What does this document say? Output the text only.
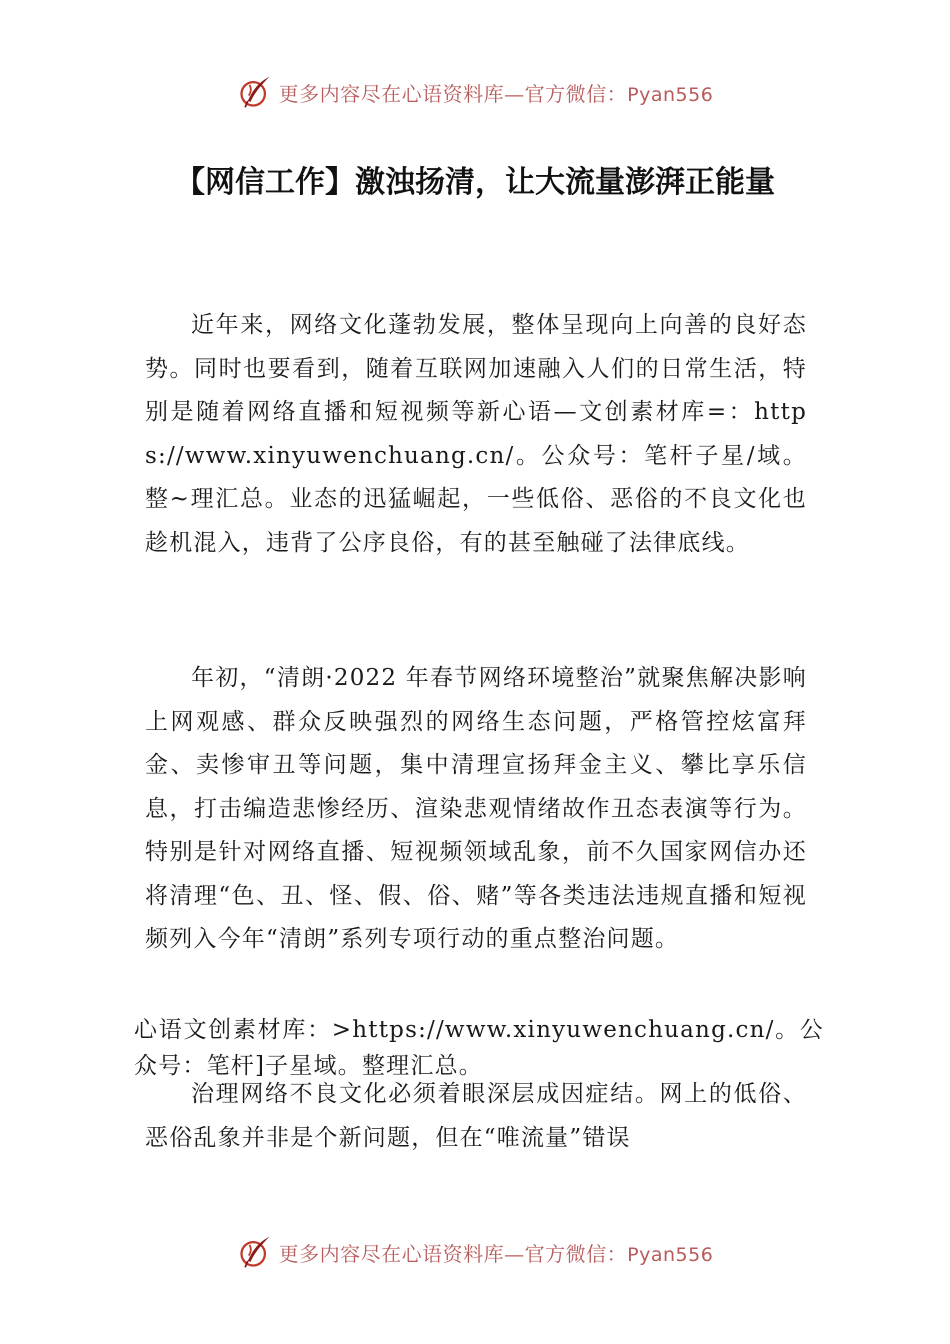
更多内容尽在心语资料库—官方微信：Pyan556
【网信工作】激浊扬清，让大流量澎湃正能量

近年来，网络文化蓬勃发展，整体呈现向上向善的良好态势。同时也要看到，随着互联网加速融入人们的日常生活，特别是随着网络直播和短视频等新心语—文创素材库=：https://www.xinyuwenchuang.cn/。公众号：笔杆子星/域。整~理汇总。业态的迅猛崛起，一些低俗、恶俗的不良文化也趁机混入，违背了公序良俗，有的甚至触碰了法律底线。

年初，“清朗·2022 年春节网络环境整治”就聚焦解决影响上网观感、群众反映强烈的网络生态问题，严格管控炫富拜金、卖惨审丑等问题，集中清理宣扬拜金主义、攀比享乐信息，打击编造悲惨经历、渲染悲观情绪故作丑态表演等行为。特别是针对网络直播、短视频领域乱象，前不久国家网信办还将清理“色、丑、怪、假、俗、赌”等各类违法违规直播和短视频列入今年“清朗”系列专项行动的重点整治问题。

心语文创素材库：>https://www.xinyuwenchuang.cn/。公众号：笔杆]子星域。整理汇总。

治理网络不良文化必须着眼深层成因症结。网上的低俗、恶俗乱象并非是个新问题，但在“唯流量”错误

更多内容尽在心语资料库—官方微信：Pyan556
